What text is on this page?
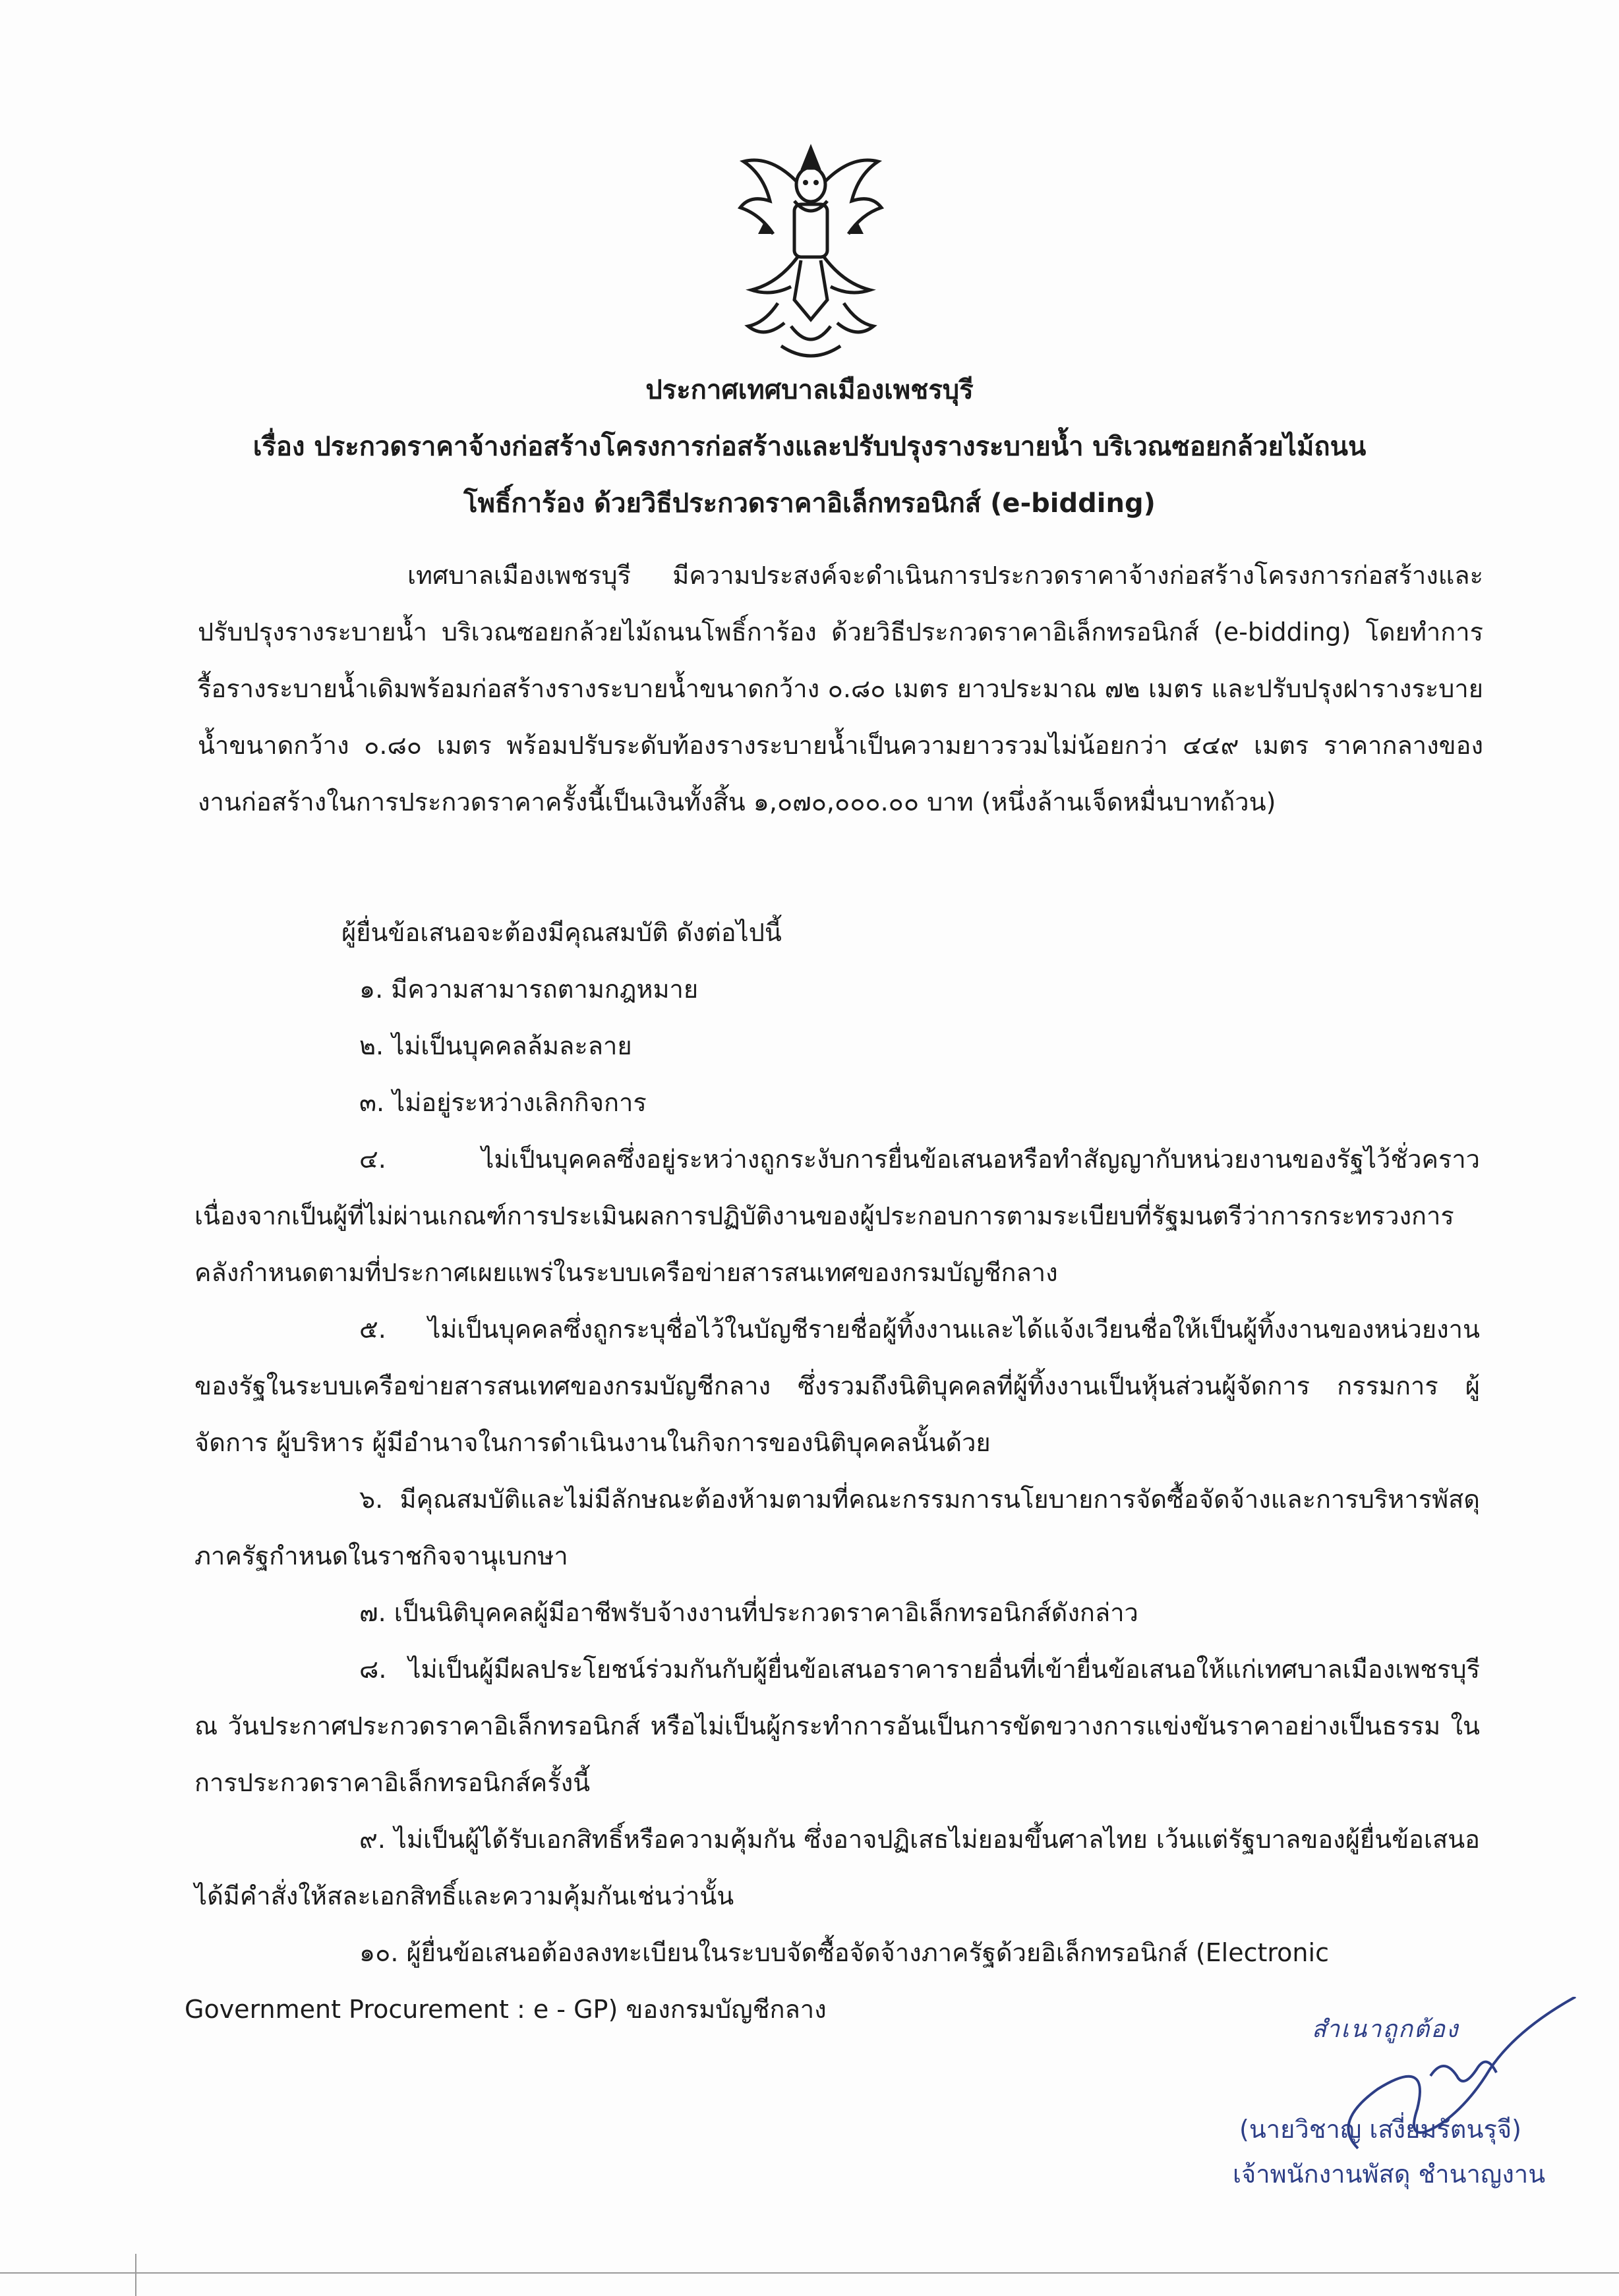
ประกาศเทศบาลเมืองเพชรบุรี
เรื่อง ประกวดราคาจ้างก่อสร้างโครงการก่อสร้างและปรับปรุงรางระบายน้ำ บริเวณซอยกล้วยไม้ถนน
โพธิ์การ้อง ด้วยวิธีประกวดราคาอิเล็กทรอนิกส์ (e-bidding)

เทศบาลเมืองเพชรบุรี มีความประสงค์จะดำเนินการประกวดราคาจ้างก่อสร้างโครงการก่อสร้างและปรับปรุงรางระบายน้ำ บริเวณซอยกล้วยไม้ถนนโพธิ์การ้อง ด้วยวิธีประกวดราคาอิเล็กทรอนิกส์ (e-bidding) โดยทำการรื้อรางระบายน้ำเดิมพร้อมก่อสร้างรางระบายน้ำขนาดกว้าง ๐.๘๐ เมตร ยาวประมาณ ๗๒ เมตร และปรับปรุงฝารางระบายน้ำขนาดกว้าง ๐.๘๐ เมตร พร้อมปรับระดับท้องรางระบายน้ำเป็นความยาวรวมไม่น้อยกว่า ๔๔๙ เมตร ราคากลางของงานก่อสร้างในการประกวดราคาครั้งนี้เป็นเงินทั้งสิ้น ๑,๐๗๐,๐๐๐.๐๐ บาท (หนึ่งล้านเจ็ดหมื่นบาทถ้วน)

ผู้ยื่นข้อเสนอจะต้องมีคุณสมบัติ ดังต่อไปนี้

๑. มีความสามารถตามกฎหมาย

๒. ไม่เป็นบุคคลล้มละลาย

๓. ไม่อยู่ระหว่างเลิกกิจการ

๔. ไม่เป็นบุคคลซึ่งอยู่ระหว่างถูกระงับการยื่นข้อเสนอหรือทำสัญญากับหน่วยงานของรัฐไว้ชั่วคราว เนื่องจากเป็นผู้ที่ไม่ผ่านเกณฑ์การประเมินผลการปฏิบัติงานของผู้ประกอบการตามระเบียบที่รัฐมนตรีว่าการกระทรวงการคลังกำหนดตามที่ประกาศเผยแพร่ในระบบเครือข่ายสารสนเทศของกรมบัญชีกลาง

๕. ไม่เป็นบุคคลซึ่งถูกระบุชื่อไว้ในบัญชีรายชื่อผู้ทิ้งงานและได้แจ้งเวียนชื่อให้เป็นผู้ทิ้งงานของหน่วยงานของรัฐในระบบเครือข่ายสารสนเทศของกรมบัญชีกลาง ซึ่งรวมถึงนิติบุคคลที่ผู้ทิ้งงานเป็นหุ้นส่วนผู้จัดการ กรรมการ ผู้จัดการ ผู้บริหาร ผู้มีอำนาจในการดำเนินงานในกิจการของนิติบุคคลนั้นด้วย

๖. มีคุณสมบัติและไม่มีลักษณะต้องห้ามตามที่คณะกรรมการนโยบายการจัดซื้อจัดจ้างและการบริหารพัสดุภาครัฐกำหนดในราชกิจจานุเบกษา

๗. เป็นนิติบุคคลผู้มีอาชีพรับจ้างงานที่ประกวดราคาอิเล็กทรอนิกส์ดังกล่าว

๘. ไม่เป็นผู้มีผลประโยชน์ร่วมกันกับผู้ยื่นข้อเสนอราคารายอื่นที่เข้ายื่นข้อเสนอให้แก่เทศบาลเมืองเพชรบุรี ณ วันประกาศประกวดราคาอิเล็กทรอนิกส์ หรือไม่เป็นผู้กระทำการอันเป็นการขัดขวางการแข่งขันราคาอย่างเป็นธรรม ในการประกวดราคาอิเล็กทรอนิกส์ครั้งนี้

๙. ไม่เป็นผู้ได้รับเอกสิทธิ์หรือความคุ้มกัน ซึ่งอาจปฏิเสธไม่ยอมขึ้นศาลไทย เว้นแต่รัฐบาลของผู้ยื่นข้อเสนอได้มีคำสั่งให้สละเอกสิทธิ์และความคุ้มกันเช่นว่านั้น

๑๐. ผู้ยื่นข้อเสนอต้องลงทะเบียนในระบบจัดซื้อจัดจ้างภาครัฐด้วยอิเล็กทรอนิกส์ (Electronic

Government Procurement : e - GP) ของกรมบัญชีกลาง

สำเนาถูกต้อง
(นายวิชาญ เสงี่ยมรัตนรุจี)
เจ้าพนักงานพัสดุ ชำนาญงาน
